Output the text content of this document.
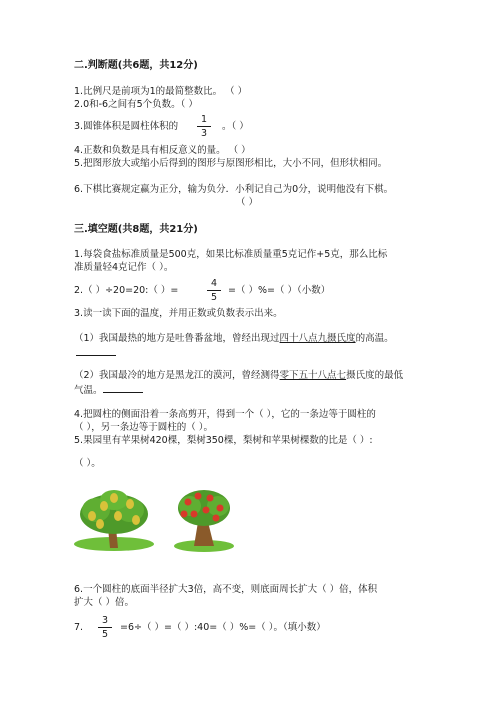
二.判断题(共6题，共12分)
1.比例尺是前项为1的最简整数比。 （ ）
2.0和-6之间有5个负数。（ ）
3.圆锥体积是圆柱体积的 $\frac{1}{3}$ 。（ ）
4.正数和负数是具有相反意义的量。 （ ）
5.把图形放大或缩小后得到的图形与原图形相比，大小不同，但形状相同。
6.下棋比赛规定赢为正分，输为负分．小利记自己为0分，说明他没有下棋。
（ ）
三.填空题(共8题，共21分)
1.每袋食盐标准质量是500克，如果比标准质量重5克记作+5克，那么比标
准质量轻4克记作（ ）。
2.（ ）÷20=20:（ ）=	$\frac{4}{5}$ =（ ）%=（ ）（小数）
3.读一读下面的温度，并用正数或负数表示出来。
（1）我国最热的地方是吐鲁番盆地，曾经出现过四十八点九摄氏度的高温。
（2）我国最冷的地方是黑龙江的漠河，曾经测得零下五十八点七摄氏度的最低
气温。
4.把圆柱的侧面沿着一条高剪开，得到一个（ ），它的一条边等于圆柱的
（ ），另一条边等于圆柱的（ ）。
5.果园里有苹果树420棵，梨树350棵，梨树和苹果树棵数的比是（ ）:
（ ）。
6.一个圆柱的底面半径扩大3倍，高不变，则底面周长扩大（ ）倍，体积
扩大（ ）倍。
7. $\frac{3}{5} =6\div$（ ）=（ ）:40=（ ）%=（ ）。（填小数）
